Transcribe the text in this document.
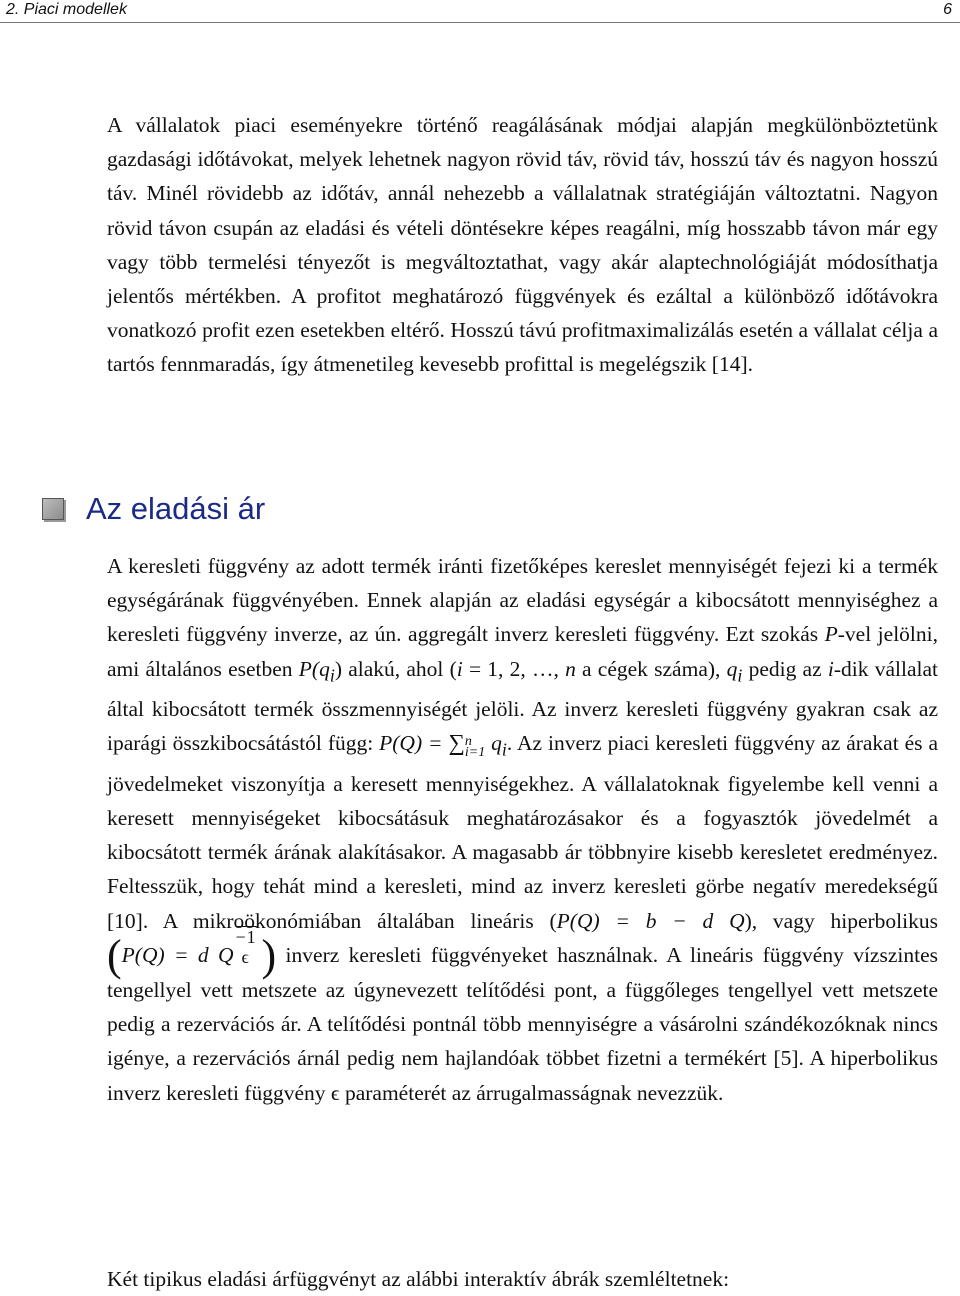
2. Piaci modellek	6

A vállalatok piaci eseményekre történő reagálásának módjai alapján megkülönböztetünk gazdasági időtávokat, melyek lehetnek nagyon rövid táv, rövid táv, hosszú táv és nagyon hosszú táv. Minél rövidebb az időtáv, annál nehezebb a vállalatnak stratégiáján változtatni. Nagyon rövid távon csupán az eladási és vételi döntésekre képes reagálni, míg hosszabb távon már egy vagy több termelési tényezőt is megváltoztathat, vagy akár alaptechnológiáját módosíthatja jelentős mértékben. A profitot meghatározó függvények és ezáltal a különböző időtávokra vonatkozó profit ezen esetekben eltérő. Hosszú távú profitmaximalizálás esetén a vállalat célja a tartós fennmaradás, így átmenetileg kevesebb profittal is megelégszik [14].

Az eladási ár

A keresleti függvény az adott termék iránti fizetőképes kereslet mennyiségét fejezi ki a termék egységárának függvényében. Ennek alapján az eladási egységár a kibocsátott mennyiséghez a keresleti függvény inverze, az ún. aggregált inverz keresleti függvény. Ezt szokás P-vel jelölni, ami általános esetben $P(q_i)$ alakú, ahol (i = 1, 2, …, n a cégek száma), $q_i$ pedig az i-dik vállalat által kibocsátott termék összmennyiségét jelöli. Az inverz keresleti függvény gyakran csak az iparági összkibocsátástól függ: P(Q) = ∑ n
i=1 $q_i$. Az inverz piaci keresleti függvény az árakat és a jövedelmeket viszonyítja a keresett mennyiségekhez. A vállalatoknak figyelembe kell venni a keresett mennyiségeket kibocsátásuk meghatározásakor és a fogyasztók jövedelmét a kibocsátott termék árának alakításakor. A magasabb ár többnyire kisebb keresletet eredményez. Feltesszük, hogy tehát mind a keresleti, mind az inverz keresleti görbe negatív meredekségű [10]. A mikroökonómiában általában lineáris (P(Q) = b − d Q), vagy hiperbolikus (P(Q) = d Q
−1
ϵ ) inverz keresleti függvényeket használnak. A lineáris függvény vízszintes tengellyel vett metszete az úgynevezett telítődési pont, a függőleges tengellyel vett metszete pedig a rezervációs ár. A telítődési pontnál több mennyiségre a vásárolni szándékozóknak nincs igénye, a rezervációs árnál pedig nem hajlandóak többet fizetni a termékért [5]. A hiperbolikus inverz keresleti függvény ϵ paraméterét az árrugalmasságnak nevezzük.

Két tipikus eladási árfüggvényt az alábbi interaktív ábrák szemléltetnek:
